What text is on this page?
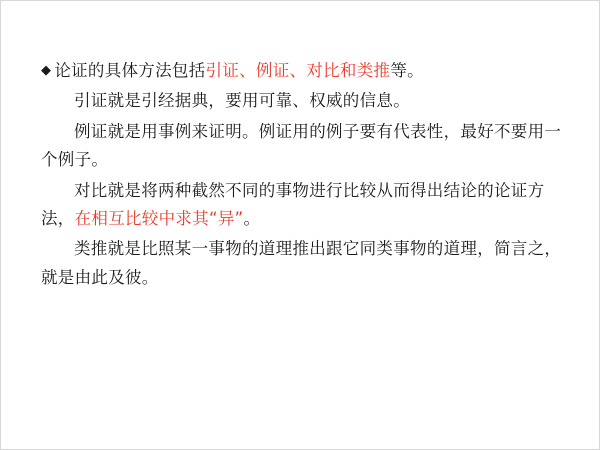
◆ 论证的具体方法包括引证、例证、对比和类推等。

引证就是引经据典，要用可靠、权威的信息。

例证就是用事例来证明。例证用的例子要有代表性，最好不要用一个例子。

对比就是将两种截然不同的事物进行比较从而得出结论的论证方法，在相互比较中求其“异”。

类推就是比照某一事物的道理推出跟它同类事物的道理，简言之，就是由此及彼。
